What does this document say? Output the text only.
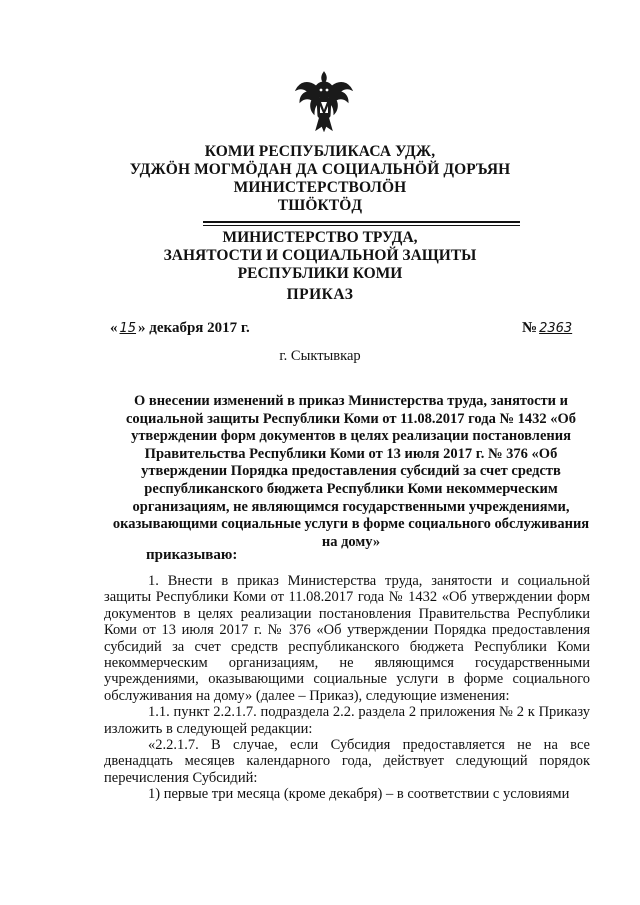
КОМИ РЕСПУБЛИКАСА УДЖ,
УДЖӦН МОГМӦДАН ДА СОЦИАЛЬНӦЙ ДОРЪЯН
МИНИСТЕРСТВОЛӦН
ТШӦКТӦД
МИНИСТЕРСТВО ТРУДА,
ЗАНЯТОСТИ И СОЦИАЛЬНОЙ ЗАЩИТЫ
РЕСПУБЛИКИ КОМИ
ПРИКАЗ
« 15 » декабря 2017 г.	№ 2363
г. Сыктывкар
О внесении изменений в приказ Министерства труда, занятости и социальной защиты Республики Коми от 11.08.2017 года № 1432 «Об утверждении форм документов в целях реализации постановления Правительства Республики Коми от 13 июля 2017 г. № 376 «Об утверждении Порядка предоставления субсидий за счет средств республиканского бюджета Республики Коми некоммерческим организациям, не являющимся государственными учреждениями, оказывающими социальные услуги в форме социального обслуживания на дому»
приказываю:

1. Внести в приказ Министерства труда, занятости и социальной защиты Республики Коми от 11.08.2017 года № 1432 «Об утверждении форм документов в целях реализации постановления Правительства Республики Коми от 13 июля 2017 г. № 376 «Об утверждении Порядка предоставления субсидий за счет средств республиканского бюджета Республики Коми некоммерческим организациям, не являющимся государственными учреждениями, оказывающими социальные услуги в форме социального обслуживания на дому» (далее – Приказ), следующие изменения:

1.1. пункт 2.2.1.7. подраздела 2.2. раздела 2 приложения № 2 к Приказу изложить в следующей редакции:

«2.2.1.7. В случае, если Субсидия предоставляется не на все двенадцать месяцев календарного года, действует следующий порядок перечисления Субсидий:

1) первые три месяца (кроме декабря) – в соответствии с условиями
